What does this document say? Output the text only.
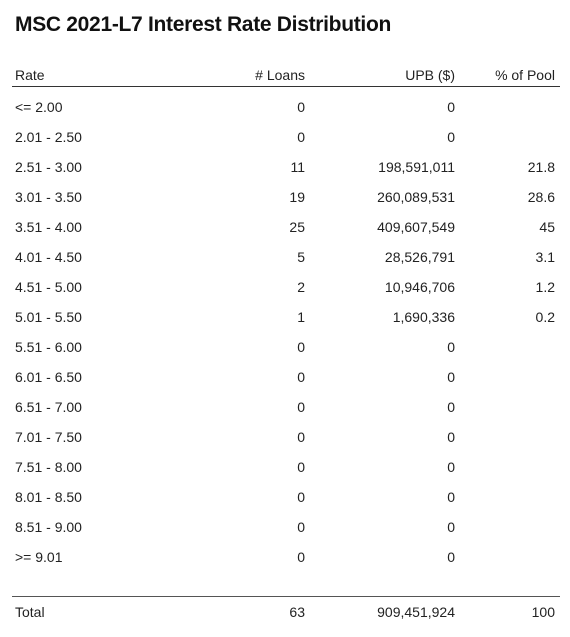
MSC 2021-L7 Interest Rate Distribution
Rate	# Loans	UPB ($)	% of Pool
<= 2.00	0	0
2.01 - 2.50	0	0
2.51 - 3.00	11	198,591,011	21.8
3.01 - 3.50	19	260,089,531	28.6
3.51 - 4.00	25	409,607,549	45
4.01 - 4.50	5	28,526,791	3.1
4.51 - 5.00	2	10,946,706	1.2
5.01 - 5.50	1	1,690,336	0.2
5.51 - 6.00	0	0
6.01 - 6.50	0	0
6.51 - 7.00	0	0
7.01 - 7.50	0	0
7.51 - 8.00	0	0
8.01 - 8.50	0	0
8.51 - 9.00	0	0
>= 9.01	0	0
Total	63	909,451,924	100
